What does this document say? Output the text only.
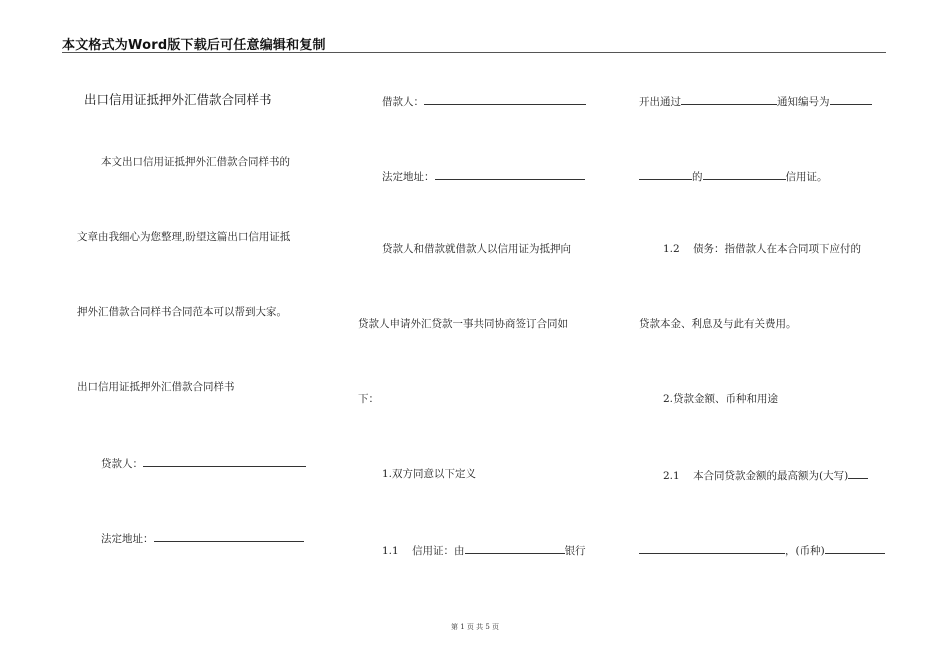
本文格式为Word版下载后可任意编辑和复制
出口信用证抵押外汇借款合同样书
本文出口信用证抵押外汇借款合同样书的
文章由我细心为您整理,盼望这篇出口信用证抵
押外汇借款合同样书合同范本可以帮到大家。
出口信用证抵押外汇借款合同样书
贷款人：
法定地址：
借款人：
法定地址：
贷款人和借款就借款人以信用证为抵押向
贷款人申请外汇贷款一事共同协商签订合同如
下：
1.双方同意以下定义
1.1 信用证：由	银行
开出通过	通知编号为
的	信用证。
1.2 债务：指借款人在本合同项下应付的
贷款本金、利息及与此有关费用。
2.贷款金额、币种和用途
2.1 本合同贷款金额的最高额为(大写)
，(币种)
第 1 页 共 5 页
